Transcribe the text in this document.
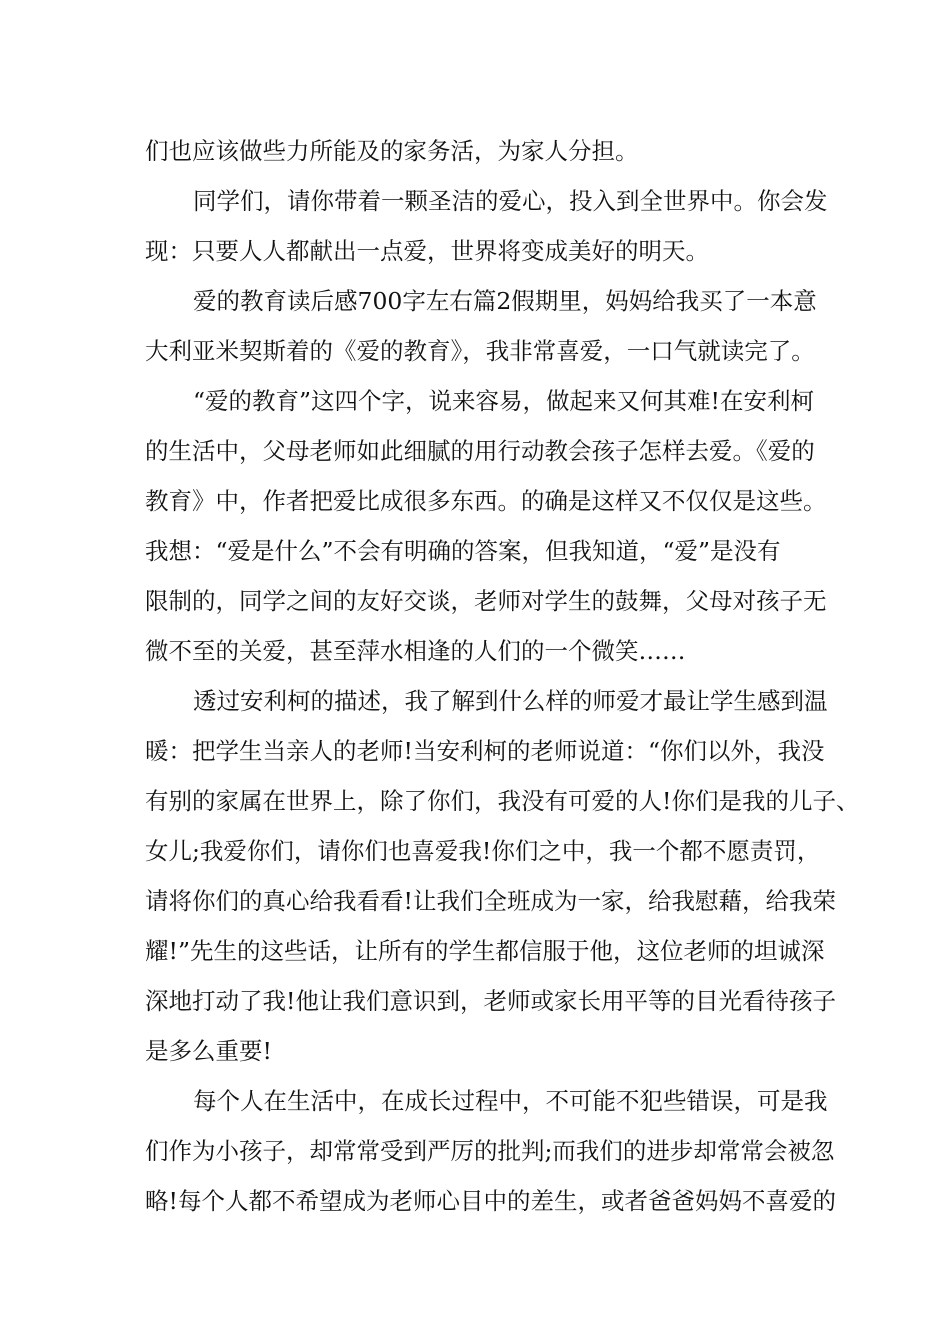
们也应该做些力所能及的家务活，为家人分担。
同学们，请你带着一颗圣洁的爱心，投入到全世界中。你会发
现：只要人人都献出一点爱，世界将变成美好的明天。
爱的教育读后感700字左右篇2假期里，妈妈给我买了一本意
大利亚米契斯着的《爱的教育》，我非常喜爱，一口气就读完了。
“爱的教育”这四个字，说来容易，做起来又何其难!在安利柯
的生活中，父母老师如此细腻的用行动教会孩子怎样去爱。《爱的
教育》中，作者把爱比成很多东西。的确是这样又不仅仅是这些。
我想：“爱是什么”不会有明确的答案，但我知道，“爱”是没有
限制的，同学之间的友好交谈，老师对学生的鼓舞，父母对孩子无
微不至的关爱，甚至萍水相逢的人们的一个微笑……
透过安利柯的描述，我了解到什么样的师爱才最让学生感到温
暖：把学生当亲人的老师!当安利柯的老师说道：“你们以外，我没
有别的家属在世界上，除了你们，我没有可爱的人!你们是我的儿子、
女儿;我爱你们，请你们也喜爱我!你们之中，我一个都不愿责罚，
请将你们的真心给我看看!让我们全班成为一家，给我慰藉，给我荣
耀!”先生的这些话，让所有的学生都信服于他，这位老师的坦诚深
深地打动了我!他让我们意识到，老师或家长用平等的目光看待孩子
是多么重要!
每个人在生活中，在成长过程中，不可能不犯些错误，可是我
们作为小孩子，却常常受到严厉的批判;而我们的进步却常常会被忽
略!每个人都不希望成为老师心目中的差生，或者爸爸妈妈不喜爱的
